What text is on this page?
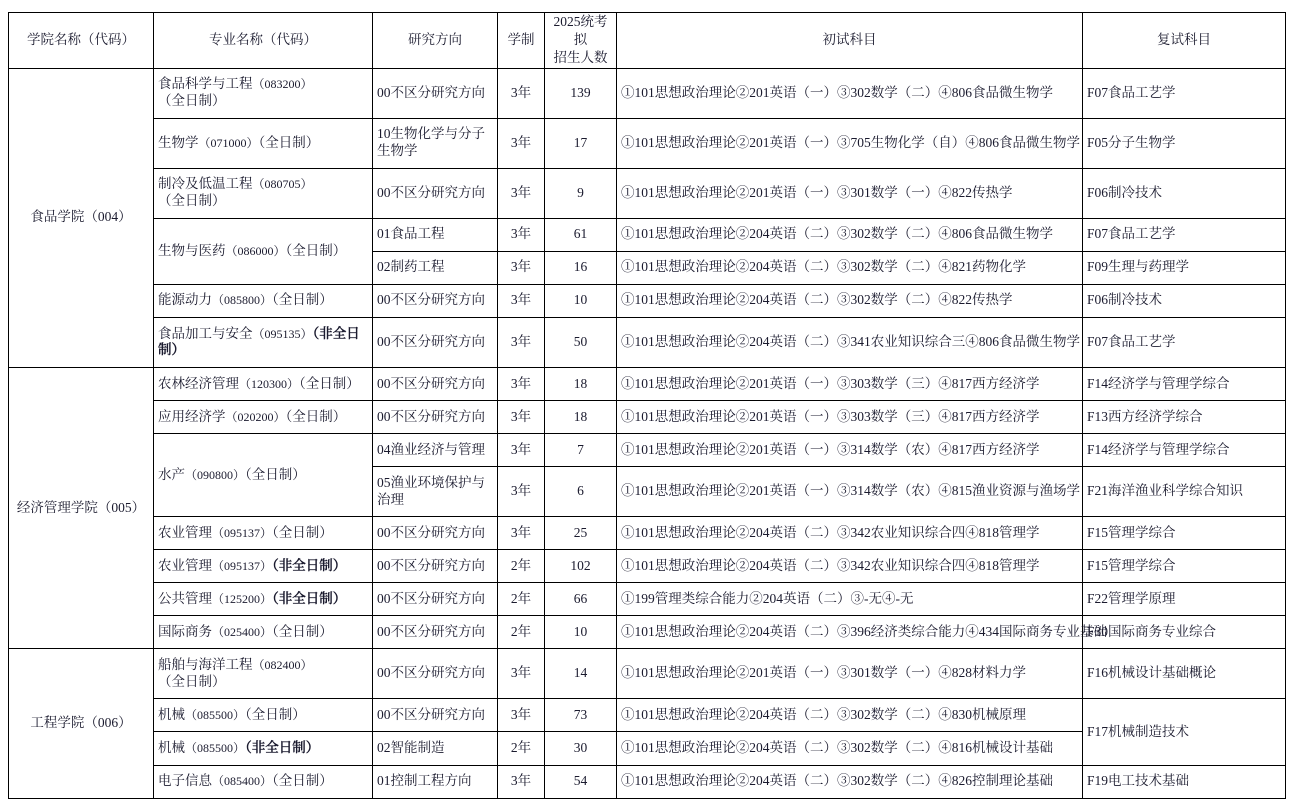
学院名称（代码）	专业名称（代码）	研究方向	学制	2025统考拟
招生人数	初试科目	复试科目
食品学院（004）	食品科学与工程（083200）（全日制）	00不区分研究方向	3年	139	①101思想政治理论②201英语（一）③302数学（二）④806食品微生物学	F07食品工艺学
	生物学（071000）（全日制）	10生物化学与分子生物学	3年	17	①101思想政治理论②201英语（一）③705生物化学（自）④806食品微生物学	F05分子生物学
	制冷及低温工程（080705）（全日制）	00不区分研究方向	3年	9	①101思想政治理论②201英语（一）③301数学（一）④822传热学	F06制冷技术
	生物与医药（086000）（全日制）	01食品工程	3年	61	①101思想政治理论②204英语（二）③302数学（二）④806食品微生物学	F07食品工艺学
		02制药工程	3年	16	①101思想政治理论②204英语（二）③302数学（二）④821药物化学	F09生理与药理学
	能源动力（085800）（全日制）	00不区分研究方向	3年	10	①101思想政治理论②204英语（二）③302数学（二）④822传热学	F06制冷技术
	食品加工与安全（095135）（非全日制）	00不区分研究方向	3年	50	①101思想政治理论②204英语（二）③341农业知识综合三④806食品微生物学	F07食品工艺学
经济管理学院（005）	农林经济管理（120300）（全日制）	00不区分研究方向	3年	18	①101思想政治理论②201英语（一）③303数学（三）④817西方经济学	F14经济学与管理学综合
	应用经济学（020200）（全日制）	00不区分研究方向	3年	18	①101思想政治理论②201英语（一）③303数学（三）④817西方经济学	F13西方经济学综合
	水产（090800）（全日制）	04渔业经济与管理	3年	7	①101思想政治理论②201英语（一）③314数学（农）④817西方经济学	F14经济学与管理学综合
		05渔业环境保护与治理	3年	6	①101思想政治理论②201英语（一）③314数学（农）④815渔业资源与渔场学	F21海洋渔业科学综合知识
	农业管理（095137）（全日制）	00不区分研究方向	3年	25	①101思想政治理论②204英语（二）③342农业知识综合四④818管理学	F15管理学综合
	农业管理（095137）（非全日制）	00不区分研究方向	2年	102	①101思想政治理论②204英语（二）③342农业知识综合四④818管理学	F15管理学综合
	公共管理（125200）（非全日制）	00不区分研究方向	2年	66	①199管理类综合能力②204英语（二）③-无④-无	F22管理学原理
	国际商务（025400）（全日制）	00不区分研究方向	2年	10	①101思想政治理论②204英语（二）③396经济类综合能力④434国际商务专业基础	F30国际商务专业综合
工程学院（006）	船舶与海洋工程（082400）（全日制）	00不区分研究方向	3年	14	①101思想政治理论②201英语（一）③301数学（一）④828材料力学	F16机械设计基础概论
	机械（085500）（全日制）	00不区分研究方向	3年	73	①101思想政治理论②204英语（二）③302数学（二）④830机械原理	F17机械制造技术
	机械（085500）（非全日制）	02智能制造	2年	30	①101思想政治理论②204英语（二）③302数学（二）④816机械设计基础	
	电子信息（085400）（全日制）	01控制工程方向	3年	54	①101思想政治理论②204英语（二）③302数学（二）④826控制理论基础	F19电工技术基础
